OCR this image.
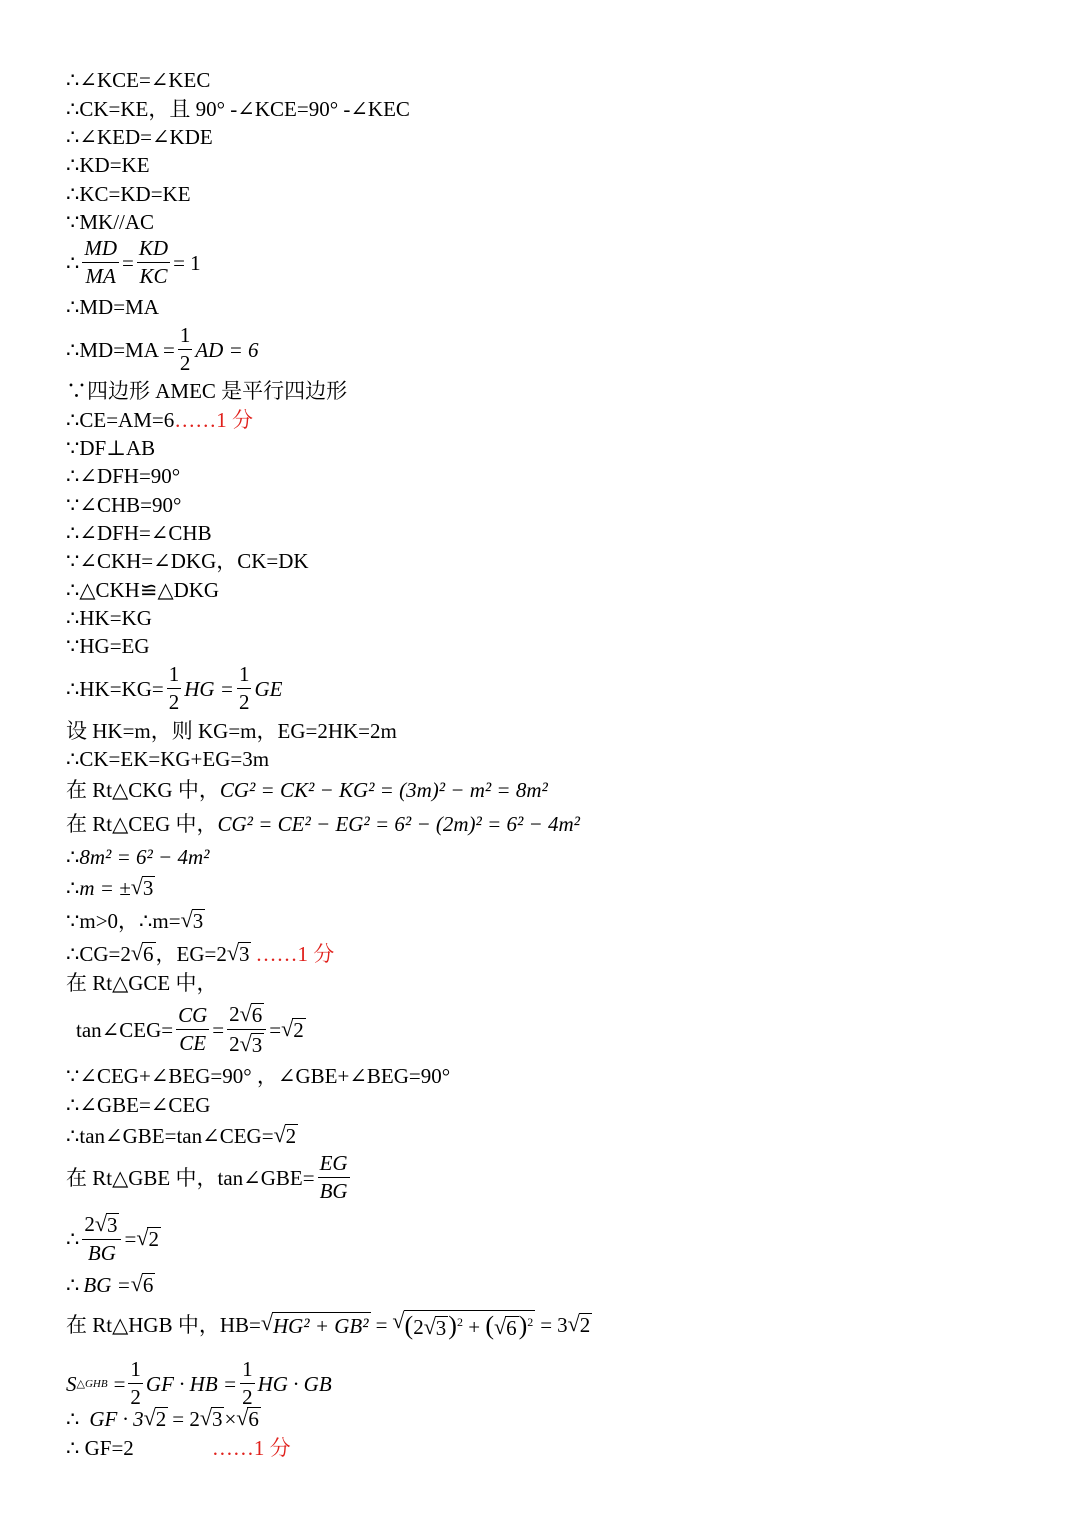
∴∠KCE=∠KEC
∴CK=KE，且 90° -∠KCE=90° -∠KEC
∴∠KED=∠KDE
∴KD=KE
∴KC=KD=KE
∵MK//AC
∴ $\frac{MD}{MA} = \frac{KD}{KC} = 1$
∴MD=MA
∴MD=MA = $\frac{1}{2}$ AD = 6
∵四边形 AMEC 是平行四边形
∴CE=AM=6 ……1 分
∵DF⊥AB
∴∠DFH=90°
∵∠CHB=90°
∴∠DFH=∠CHB
∵∠CKH=∠DKG，CK=DK
∴△CKH≌△DKG
∴HK=KG
∵HG=EG
∴HK=KG= $\frac{1}{2}$ HG = $\frac{1}{2}$ GE
设 HK=m，则 KG=m，EG=2HK=2m
∴CK=EK=KG+EG=3m
在 Rt△CKG 中， CG² = CK² − KG² = (3m)² − m² = 8m²
在 Rt△CEG 中， CG² = CE² − EG² = 6² − (2m)² = 6² − 4m²
∴ 8m² = 6² − 4m²
∴ m = ± √ 3
∵m>0，∴m= √ 3
∴CG=2 √ 6 ，EG=2 √ 3 ……1 分
在 Rt△GCE 中，
tan∠CEG= $\frac{CG}{CE} = \frac{2 √ 6}{2 √ 3}$ = √ 2
∵∠CEG+∠BEG=90° ，∠GBE+∠BEG=90°
∴∠GBE=∠CEG
∴tan∠GBE=tan∠CEG= √ 2
在 Rt△GBE 中，tan∠GBE= $\frac{EG}{BG}$
∴ $\frac{2 √ 3}{BG}$ = √ 2
∴ BG = √ 6
在 Rt△HGB 中，HB= √ HG² + GB² = √ (2 √ 3 )$^2$ + ( √ 6 )$^2$ = 3 √ 2
S △GHB = $\frac{1}{2}$ GF · HB = $\frac{1}{2}$ HG · GB
∴ GF · 3 √ 2 = 2 √ 3 × √ 6
∴ GF=2	……1 分
